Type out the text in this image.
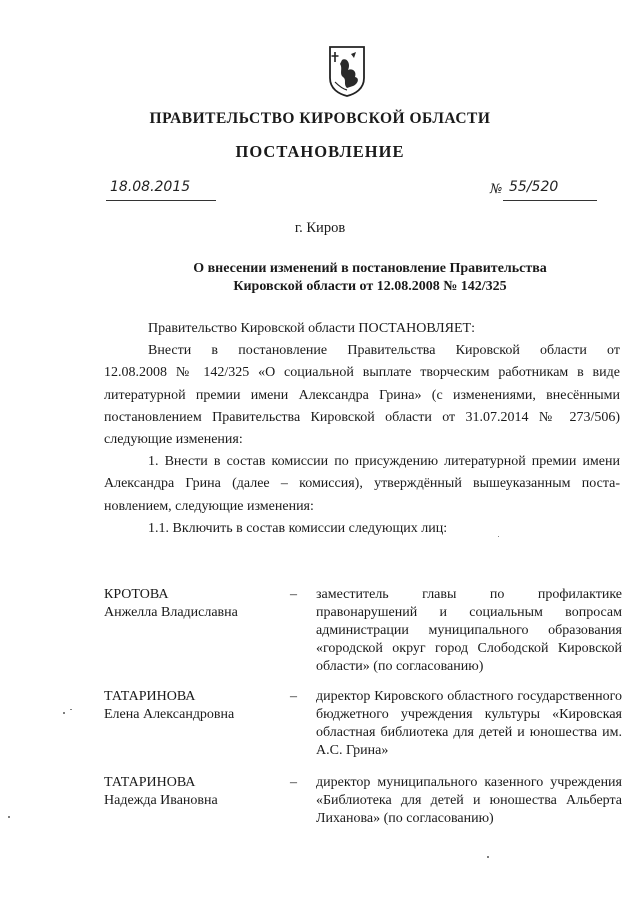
ПРАВИТЕЛЬСТВО КИРОВСКОЙ ОБЛАСТИ
ПОСТАНОВЛЕНИЕ
18.08.2015	№ 55/520
г. Киров
О внесении изменений в постановление Правительства
Кировской области от 12.08.2008 № 142/325

Правительство Кировской области ПОСТАНОВЛЯЕТ:

Внести в постановление Правительства Кировской области от

12.08.2008 № 142/325 «О социальной выплате творческим работникам в виде

литературной премии имени Александра Грина» (с изменениями, внесёнными

постановлением Правительства Кировской области от 31.07.2014 № 273/506)

следующие изменения:

1. Внести в состав комиссии по присуждению литературной премии имени

Александра Грина (далее – комиссия), утверждённый вышеуказанным поста-

новлением, следующие изменения:

1.1. Включить в состав комиссии следующих лиц:

КРОТОВА
Анжелла Владиславна
–	заместитель главы по профилактике правонарушений и социальным вопросам администрации муниципального образования «городской округ город Слободской Кировской области» (по согласованию)
ТАТАРИНОВА
Елена Александровна
–	директор Кировского областного государственного бюджетного учреждения культуры «Кировская областная библиотека для детей и юношества им. А.С. Грина»
ТАТАРИНОВА
Надежда Ивановна
–	директор муниципального казенного учреждения «Библиотека для детей и юношества Альберта Лиханова» (по согласованию)
